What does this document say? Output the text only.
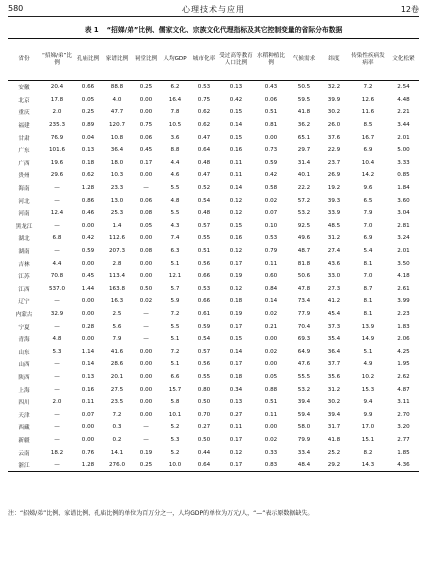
580	心理技术与应用	12卷
表 1 “招娣/弟”比例、儒家文化、宗族文化代理指标及其它控制变量的省际分布数据
省份	“招娣/弟”比例	孔庙比例	家谱比例	祠堂比例	人均GDP	城市化率	受过高等教育人口比例	水稻种植比例	气候需求	纬度	传染性疾病发病率	文化松紧
安徽	20.4	0.66	88.8	0.25	6.2	0.53	0.13	0.43	50.5	32.2	7.2	2.54
北京	17.8	0.05	4.0	0.00	16.4	0.75	0.42	0.06	59.5	39.9	12.6	4.48
重庆	2.0	0.25	47.7	0.00	7.8	0.62	0.15	0.51	41.8	30.2	11.6	2.21
福建	235.3	0.89	120.7	0.75	10.5	0.62	0.14	0.81	36.2	26.0	8.5	3.44
甘肃	76.9	0.04	10.8	0.06	3.6	0.47	0.15	0.00	65.1	37.6	16.7	2.01
广东	101.6	0.13	36.4	0.45	8.8	0.64	0.16	0.73	29.7	22.9	6.9	5.00
广西	19.6	0.18	18.0	0.17	4.4	0.48	0.11	0.59	31.4	23.7	10.4	3.33
贵州	29.6	0.62	10.3	0.00	4.6	0.47	0.11	0.42	40.1	26.9	14.2	0.85
海南	—	1.28	23.3	—	5.5	0.52	0.14	0.58	22.2	19.2	9.6	1.84
河北	—	0.86	13.0	0.06	4.8	0.54	0.12	0.02	57.2	39.3	6.5	3.60
河南	12.4	0.46	25.3	0.08	5.5	0.48	0.12	0.07	53.2	33.9	7.9	3.04
黑龙江	—	0.00	1.4	0.05	4.3	0.57	0.15	0.10	92.5	48.5	7.0	2.81
湖北	6.8	0.42	112.6	0.00	7.4	0.55	0.16	0.53	49.6	31.2	6.9	3.24
湖南	—	0.59	207.3	0.08	6.3	0.51	0.12	0.79	48.7	27.4	5.4	2.01
吉林	4.4	0.00	2.8	0.00	5.1	0.56	0.17	0.11	81.8	43.6	8.1	3.50
江苏	70.8	0.45	113.4	0.00	12.1	0.66	0.19	0.60	50.6	33.0	7.0	4.18
江西	537.0	1.44	163.8	0.50	5.7	0.53	0.12	0.84	47.8	27.3	8.7	2.61
辽宁	—	0.00	16.3	0.02	5.9	0.66	0.18	0.14	73.4	41.2	8.1	3.99
内蒙古	32.9	0.00	2.5	—	7.2	0.61	0.19	0.02	77.9	45.4	8.1	2.23
宁夏	—	0.28	5.6	—	5.5	0.59	0.17	0.21	70.4	37.3	13.9	1.83
青海	4.8	0.00	7.9	—	5.1	0.54	0.15	0.00	69.3	35.4	14.9	2.06
山东	5.3	1.14	41.6	0.00	7.2	0.57	0.14	0.02	64.9	36.4	5.1	4.25
山西	—	0.14	28.6	0.00	5.1	0.56	0.17	0.00	47.6	37.7	4.9	1.95
陕西	—	0.13	20.1	0.00	6.6	0.55	0.18	0.05	55.5	35.6	10.2	2.62
上海	—	0.16	27.5	0.00	15.7	0.80	0.34	0.88	53.2	31.2	15.3	4.87
四川	2.0	0.11	23.5	0.00	5.8	0.50	0.13	0.51	39.4	30.2	9.4	3.11
天津	—	0.07	7.2	0.00	10.1	0.70	0.27	0.11	59.4	39.4	9.9	2.70
西藏	—	0.00	0.3	—	5.2	0.27	0.11	0.00	58.0	31.7	17.0	3.20
新疆	—	0.00	0.2	—	5.3	0.50	0.17	0.02	79.9	41.8	15.1	2.77
云南	18.2	0.76	14.1	0.19	5.2	0.44	0.12	0.33	33.4	25.2	8.2	1.85
浙江	—	1.28	276.0	0.25	10.0	0.64	0.17	0.83	48.4	29.2	14.3	4.36
注：“招娣/弟”比例、家谱比例、孔庙比例的单位为百万分之一，人均GDP的单位为万元/人，“—”表示原数据缺失。
